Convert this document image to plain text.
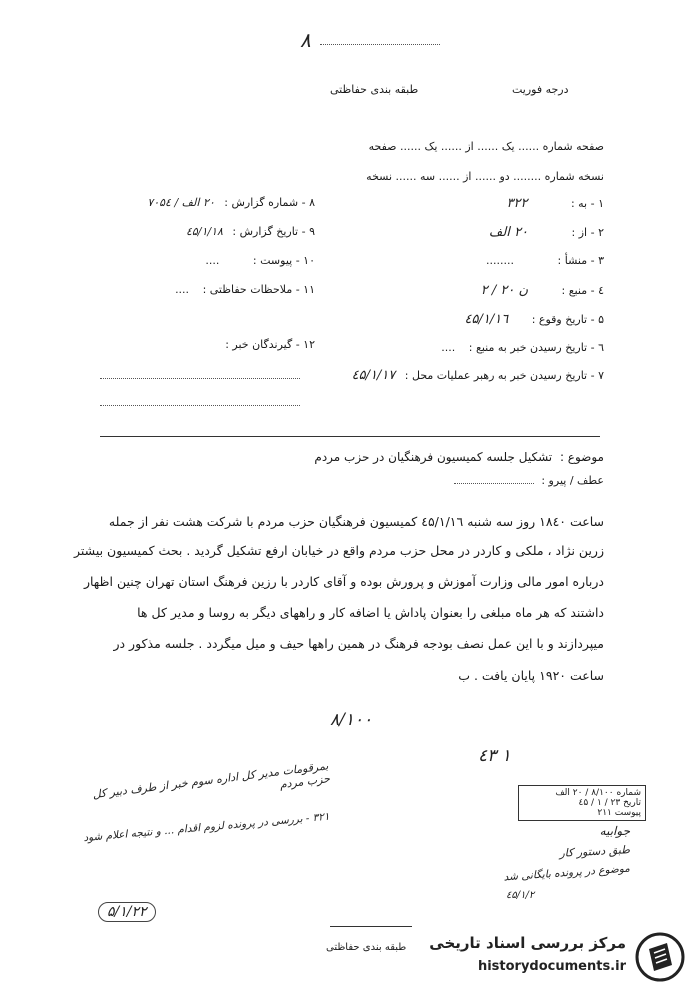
۸
طبقه بندی حفاظتی	درجه فوریت
صفحه شماره ...... یک ...... از ...... یک ...... صفحه
نسخه شماره ........ دو ...... از ...... سه ...... نسخه
۱ - به : ۳۲۲
۲ - از : ۲۰ الف
۳ - منشأ : ........
٤ - منبع : ن ۲۰ / ۲
۵ - تاریخ وقوع : ٤۵/۱/۱٦
٦ - تاریخ رسیدن خبر به منبع : ....
۷ - تاریخ رسیدن خبر به رهبر عملیات محل : ٤۵/۱/۱۷
۸ - شماره گزارش : ۲۰ الف / ۷۰۵٤
۹ - تاریخ گزارش : ٤۵/۱/۱۸
۱۰ - پیوست : ....
۱۱ - ملاحظات حفاظتی : ....
۱۲ - گیرندگان خبر :
موضوع : تشکیل جلسه کمیسیون فرهنگیان در حزب مردم
عطف / پیرو :
ساعت ۱۸٤۰ روز سه شنبه ٤۵/۱/۱٦ کمیسیون فرهنگیان حزب مردم با شرکت هشت نفر از جمله
زرین نژاد ، ملکی و کاردر در محل حزب مردم واقع در خیابان ارفع تشکیل گردید . بحث کمیسیون بیشتر
درباره امور مالی وزارت آموزش و پرورش بوده و آقای کاردر با رزین فرهنگ استان تهران چنین اظهار
داشتند که هر ماه مبلغی را بعنوان پاداش یا اضافه کار و راههای دیگر به روسا و مدیر کل ها
میپردازند و با این عمل نصف بودجه فرهنگ در همین راهها حیف و میل میگردد . جلسه مذکور در
ساعت ۱۹۲۰ پایان یافت . ب
۸/۱۰۰
٤۳ ۱
بمرقومات مدیر کل اداره سوم خبر از طرف دبیر کل حزب مردم
۳۲۱ - بررسی در پرونده لزوم اقدام ... و نتیجه اعلام شود
۵/۱/۲۲
شماره ۸/۱۰۰ / ۲۰ الف
تاریخ ۲۳ / ۱ / ٤۵
پیوست ۲۱۱
جوابیه
طبق دستور کار
موضوع در پرونده بایگانی شد
٤۵/۱/۲
طبقه بندی حفاظتی مرکز بررسی اسناد تاریخی
historydocuments.ir
